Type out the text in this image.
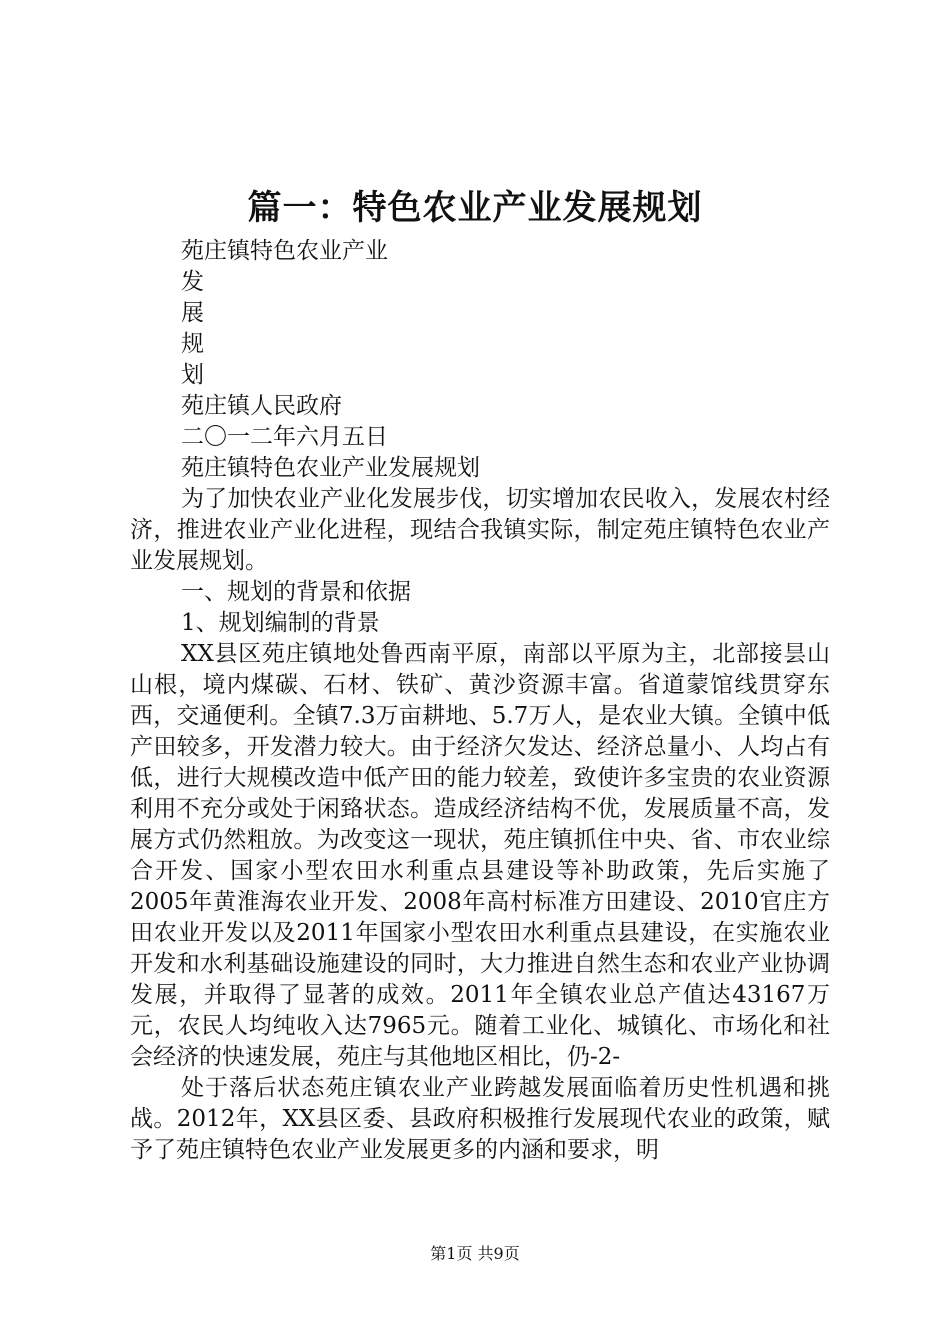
篇一：特色农业产业发展规划
苑庄镇特色农业产业
发
展
规
划
苑庄镇人民政府
二〇一二年六月五日
苑庄镇特色农业产业发展规划

为了加快农业产业化发展步伐，切实增加农民收入，发展农村经济，推进农业产业化进程，现结合我镇实际，制定苑庄镇特色农业产业发展规划。

一、规划的背景和依据
1、规划编制的背景

XX县区苑庄镇地处鲁西南平原，南部以平原为主，北部接昙山山根，境内煤碳、石材、铁矿、黄沙资源丰富。省道蒙馆线贯穿东西，交通便利。全镇7.3万亩耕地、5.7万人，是农业大镇。全镇中低产田较多，开发潜力较大。由于经济欠发达、经济总量小、人均占有低，进行大规模改造中低产田的能力较差，致使许多宝贵的农业资源利用不充分或处于闲臵状态。造成经济结构不优，发展质量不高，发展方式仍然粗放。为改变这一现状，苑庄镇抓住中央、省、市农业综合开发、国家小型农田水利重点县建设等补助政策，先后实施了2005年黄淮海农业开发、2008年高村标准方田建设、2010官庄方田农业开发以及2011年国家小型农田水利重点县建设，在实施农业开发和水利基础设施建设的同时，大力推进自然生态和农业产业协调发展，并取得了显著的成效。2011年全镇农业总产值达43167万元，农民人均纯收入达7965元。随着工业化、城镇化、市场化和社会经济的快速发展，苑庄与其他地区相比，仍-2-

处于落后状态苑庄镇农业产业跨越发展面临着历史性机遇和挑战。2012年，XX县区委、县政府积极推行发展现代农业的政策，赋予了苑庄镇特色农业产业发展更多的内涵和要求，明

第1页 共9页
